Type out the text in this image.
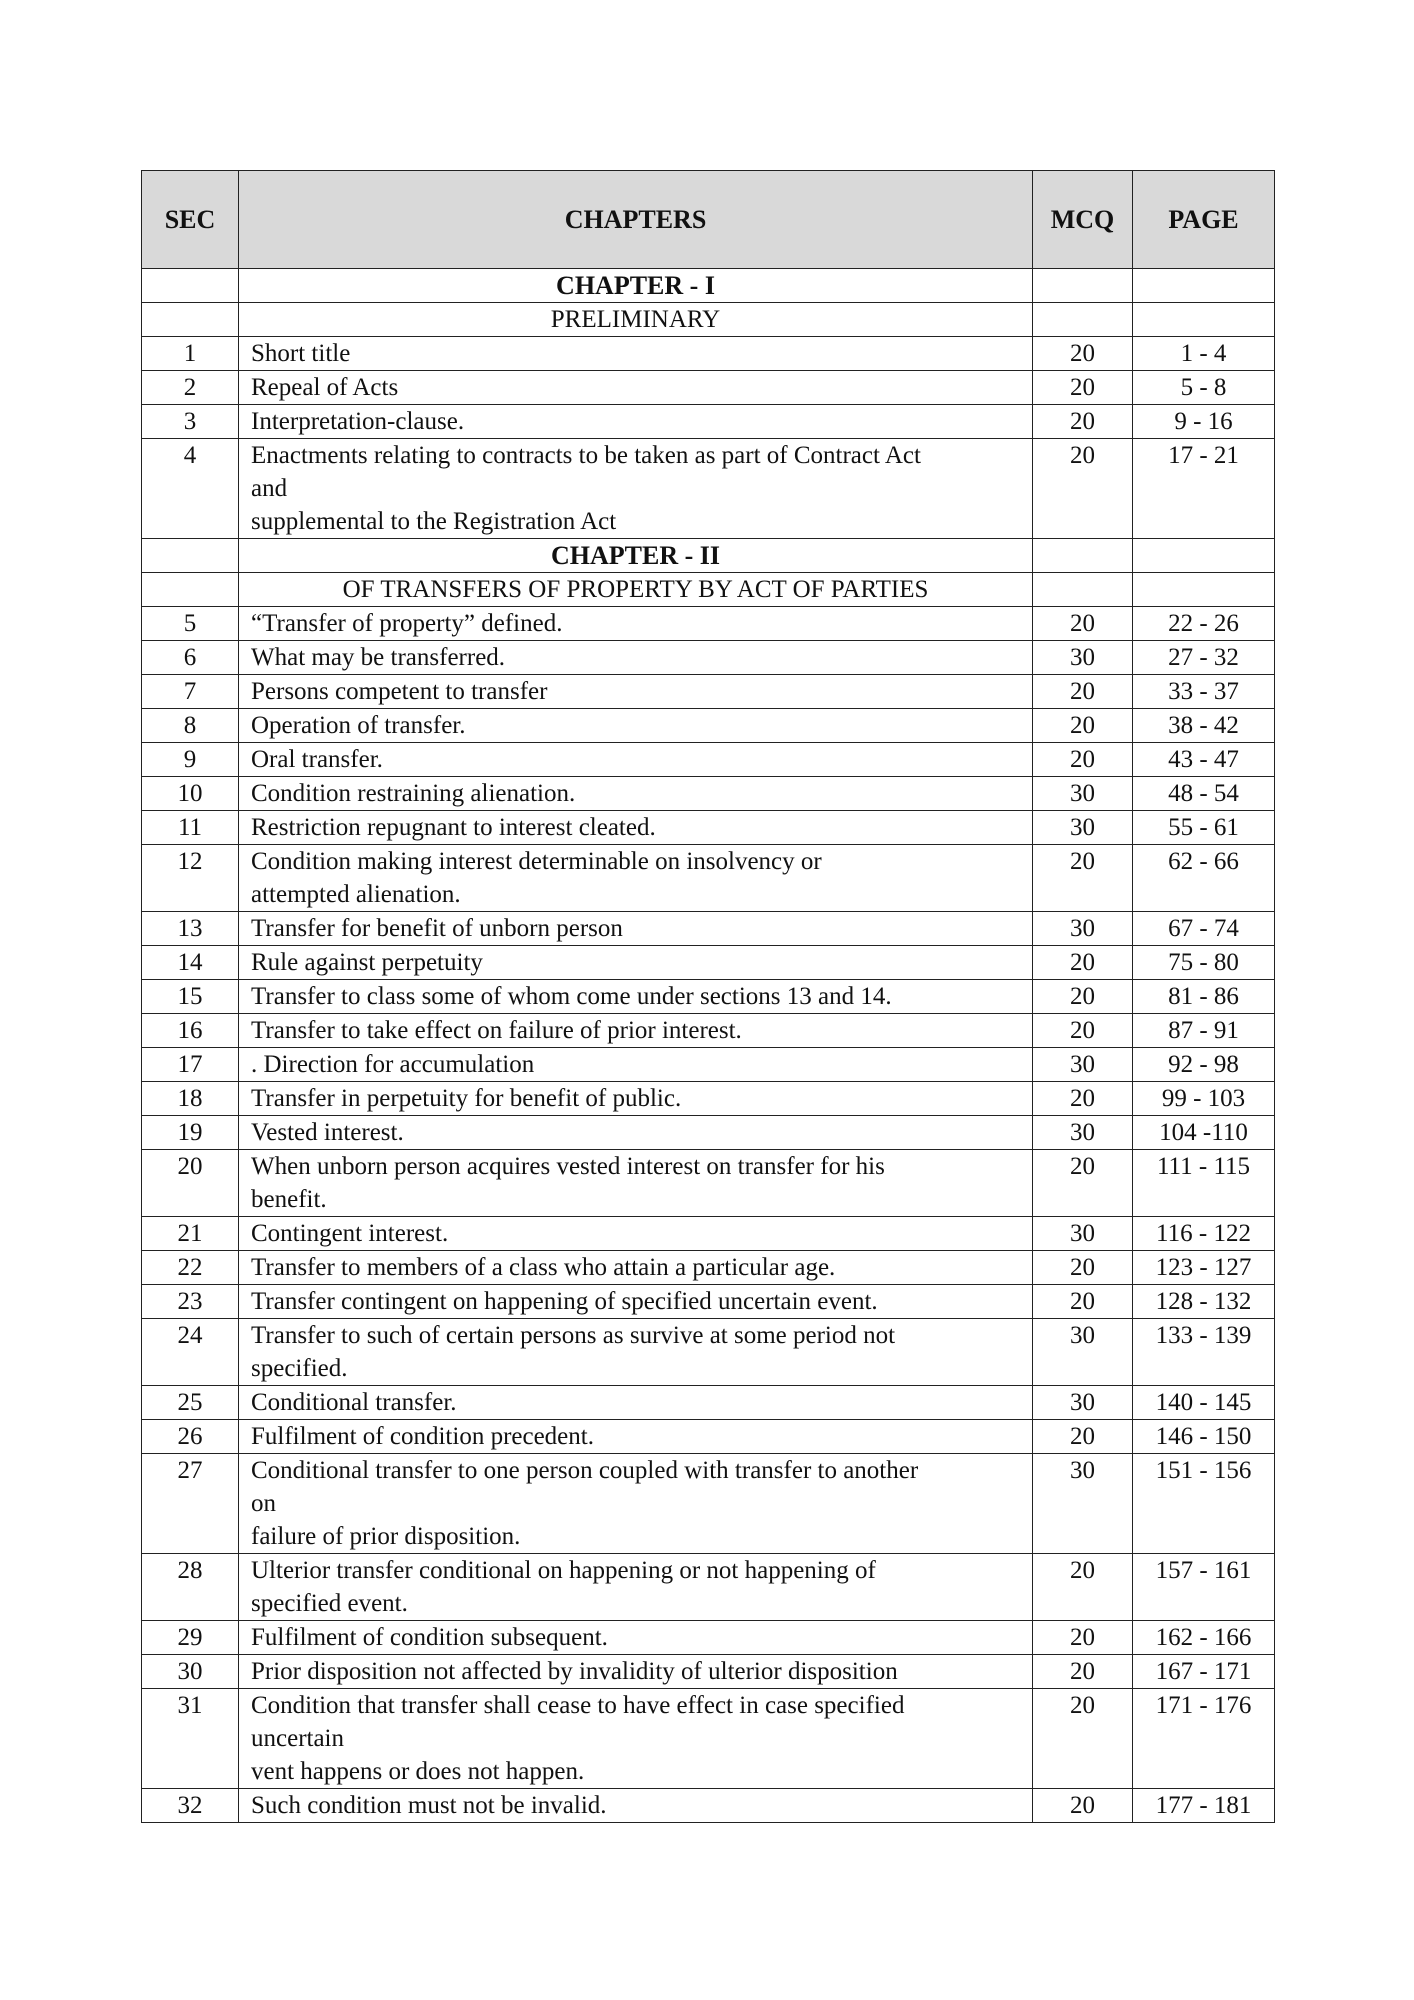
SEC	CHAPTERS	MCQ	PAGE
	CHAPTER - I		
	PRELIMINARY		
1	Short title	20	1 - 4
2	Repeal of Acts	20	5 - 8
3	Interpretation-clause.	20	9 - 16
4	Enactments relating to contracts to be taken as part of Contract Act
and
supplemental to the Registration Act	20	17 - 21
	CHAPTER - II		
	OF TRANSFERS OF PROPERTY BY ACT OF PARTIES		
5	“Transfer of property” defined.	20	22 - 26
6	What may be transferred.	30	27 - 32
7	Persons competent to transfer	20	33 - 37
8	Operation of transfer.	20	38 - 42
9	Oral transfer.	20	43 - 47
10	Condition restraining alienation.	30	48 - 54
11	Restriction repugnant to interest cleated.	30	55 - 61
12	Condition making interest determinable on insolvency or
attempted alienation.	20	62 - 66
13	Transfer for benefit of unborn person	30	67 - 74
14	Rule against perpetuity	20	75 - 80
15	Transfer to class some of whom come under sections 13 and 14.	20	81 - 86
16	Transfer to take effect on failure of prior interest.	20	87 - 91
17	. Direction for accumulation	30	92 - 98
18	Transfer in perpetuity for benefit of public.	20	99 - 103
19	Vested interest.	30	104 -110
20	When unborn person acquires vested interest on transfer for his
benefit.	20	111 - 115
21	Contingent interest.	30	116 - 122
22	Transfer to members of a class who attain a particular age.	20	123 - 127
23	Transfer contingent on happening of specified uncertain event.	20	128 - 132
24	Transfer to such of certain persons as survive at some period not
specified.	30	133 - 139
25	Conditional transfer.	30	140 - 145
26	Fulfilment of condition precedent.	20	146 - 150
27	Conditional transfer to one person coupled with transfer to another
on
failure of prior disposition.	30	151 - 156
28	Ulterior transfer conditional on happening or not happening of
specified event.	20	157 - 161
29	Fulfilment of condition subsequent.	20	162 - 166
30	Prior disposition not affected by invalidity of ulterior disposition	20	167 - 171
31	Condition that transfer shall cease to have effect in case specified
uncertain
vent happens or does not happen.	20	171 - 176
32	Such condition must not be invalid.	20	177 - 181
